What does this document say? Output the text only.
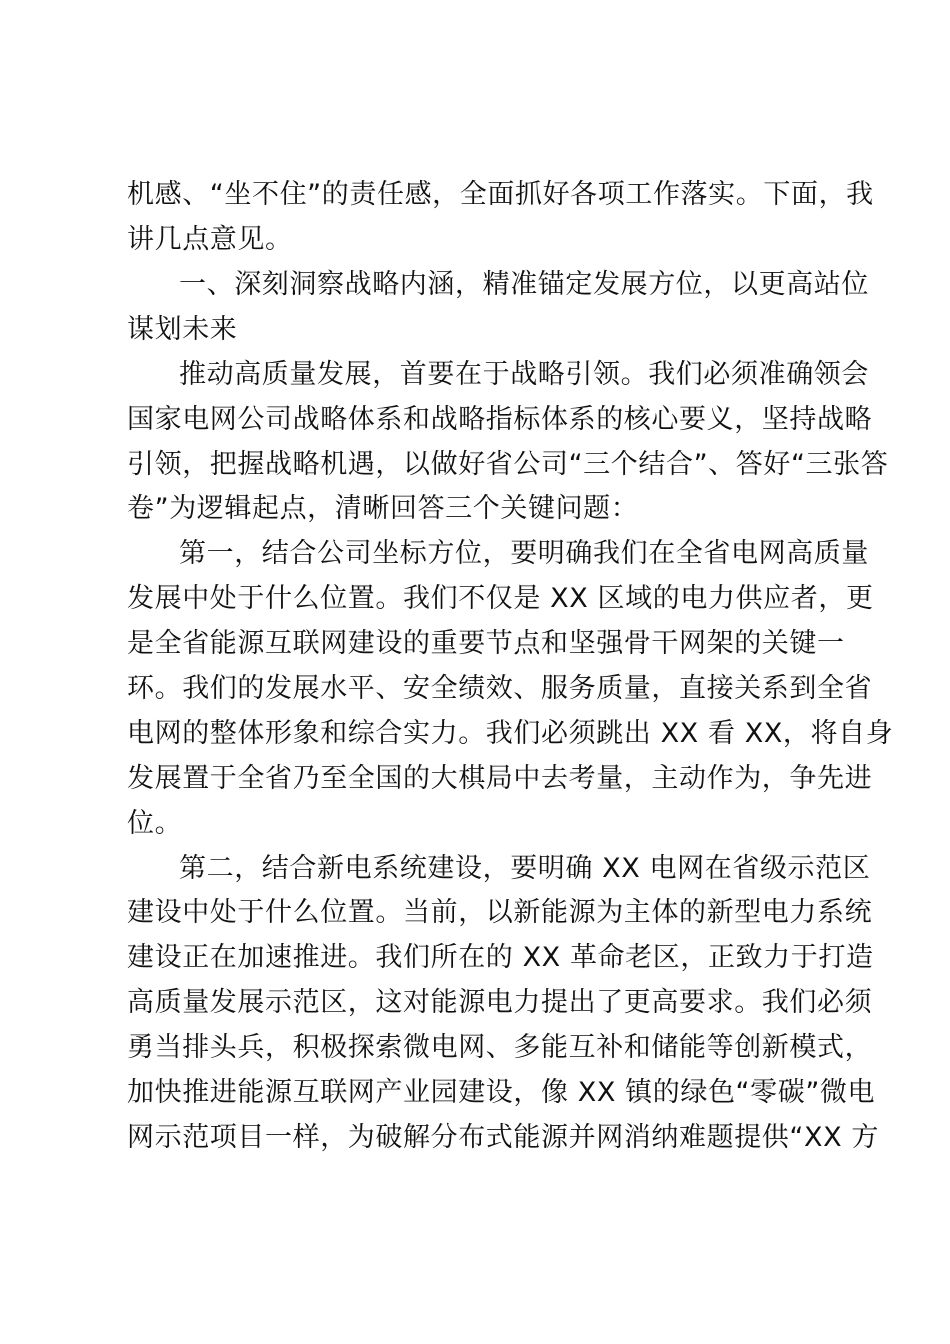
机感、“坐不住”的责任感，全面抓好各项工作落实。下面，我
讲几点意见。
一、深刻洞察战略内涵，精准锚定发展方位，以更高站位
谋划未来
推动高质量发展，首要在于战略引领。我们必须准确领会
国家电网公司战略体系和战略指标体系的核心要义，坚持战略
引领，把握战略机遇，以做好省公司“三个结合”、答好“三张答
卷”为逻辑起点，清晰回答三个关键问题：
第一，结合公司坐标方位，要明确我们在全省电网高质量
发展中处于什么位置。我们不仅是 XX 区域的电力供应者，更
是全省能源互联网建设的重要节点和坚强骨干网架的关键一
环。我们的发展水平、安全绩效、服务质量，直接关系到全省
电网的整体形象和综合实力。我们必须跳出 XX 看 XX，将自身
发展置于全省乃至全国的大棋局中去考量，主动作为，争先进
位。
第二，结合新电系统建设，要明确 XX 电网在省级示范区
建设中处于什么位置。当前，以新能源为主体的新型电力系统
建设正在加速推进。我们所在的 XX 革命老区，正致力于打造
高质量发展示范区，这对能源电力提出了更高要求。我们必须
勇当排头兵，积极探索微电网、多能互补和储能等创新模式，
加快推进能源互联网产业园建设，像 XX 镇的绿色“零碳”微电
网示范项目一样，为破解分布式能源并网消纳难题提供“XX 方
